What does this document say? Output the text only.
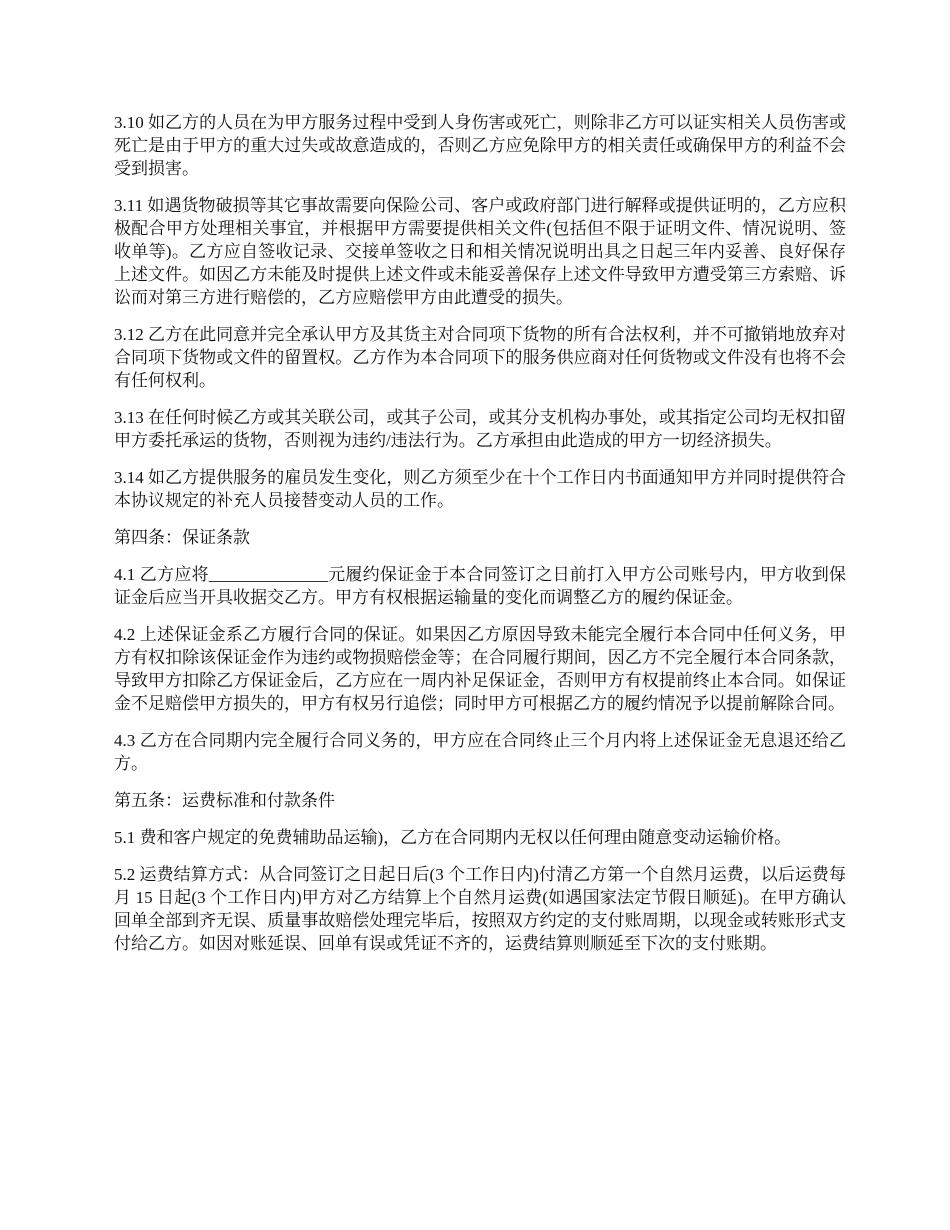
3.10 如乙方的人员在为甲方服务过程中受到人身伤害或死亡，则除非乙方可以证实相关人员伤害或死亡是由于甲方的重大过失或故意造成的，否则乙方应免除甲方的相关责任或确保甲方的利益不会受到损害。

3.11 如遇货物破损等其它事故需要向保险公司、客户或政府部门进行解释或提供证明的，乙方应积极配合甲方处理相关事宜，并根据甲方需要提供相关文件(包括但不限于证明文件、情况说明、签收单等)。乙方应自签收记录、交接单签收之日和相关情况说明出具之日起三年内妥善、良好保存上述文件。如因乙方未能及时提供上述文件或未能妥善保存上述文件导致甲方遭受第三方索赔、诉讼而对第三方进行赔偿的，乙方应赔偿甲方由此遭受的损失。

3.12 乙方在此同意并完全承认甲方及其货主对合同项下货物的所有合法权利，并不可撤销地放弃对合同项下货物或文件的留置权。乙方作为本合同项下的服务供应商对任何货物或文件没有也将不会有任何权利。

3.13 在任何时候乙方或其关联公司，或其子公司，或其分支机构办事处，或其指定公司均无权扣留甲方委托承运的货物，否则视为违约/违法行为。乙方承担由此造成的甲方一切经济损失。

3.14 如乙方提供服务的雇员发生变化，则乙方须至少在十个工作日内书面通知甲方并同时提供符合本协议规定的补充人员接替变动人员的工作。

第四条：保证条款

4.1 乙方应将______________元履约保证金于本合同签订之日前打入甲方公司账号内，甲方收到保证金后应当开具收据交乙方。甲方有权根据运输量的变化而调整乙方的履约保证金。

4.2 上述保证金系乙方履行合同的保证。如果因乙方原因导致未能完全履行本合同中任何义务，甲方有权扣除该保证金作为违约或物损赔偿金等；在合同履行期间，因乙方不完全履行本合同条款，导致甲方扣除乙方保证金后，乙方应在一周内补足保证金，否则甲方有权提前终止本合同。如保证金不足赔偿甲方损失的，甲方有权另行追偿；同时甲方可根据乙方的履约情况予以提前解除合同。

4.3 乙方在合同期内完全履行合同义务的，甲方应在合同终止三个月内将上述保证金无息退还给乙方。

第五条：运费标准和付款条件

5.1 费和客户规定的免费辅助品运输)，乙方在合同期内无权以任何理由随意变动运输价格。

5.2 运费结算方式：从合同签订之日起日后(3 个工作日内)付清乙方第一个自然月运费，以后运费每月 15 日起(3 个工作日内)甲方对乙方结算上个自然月运费(如遇国家法定节假日顺延)。在甲方确认回单全部到齐无误、质量事故赔偿处理完毕后，按照双方约定的支付账周期，以现金或转账形式支付给乙方。如因对账延误、回单有误或凭证不齐的，运费结算则顺延至下次的支付账期。
